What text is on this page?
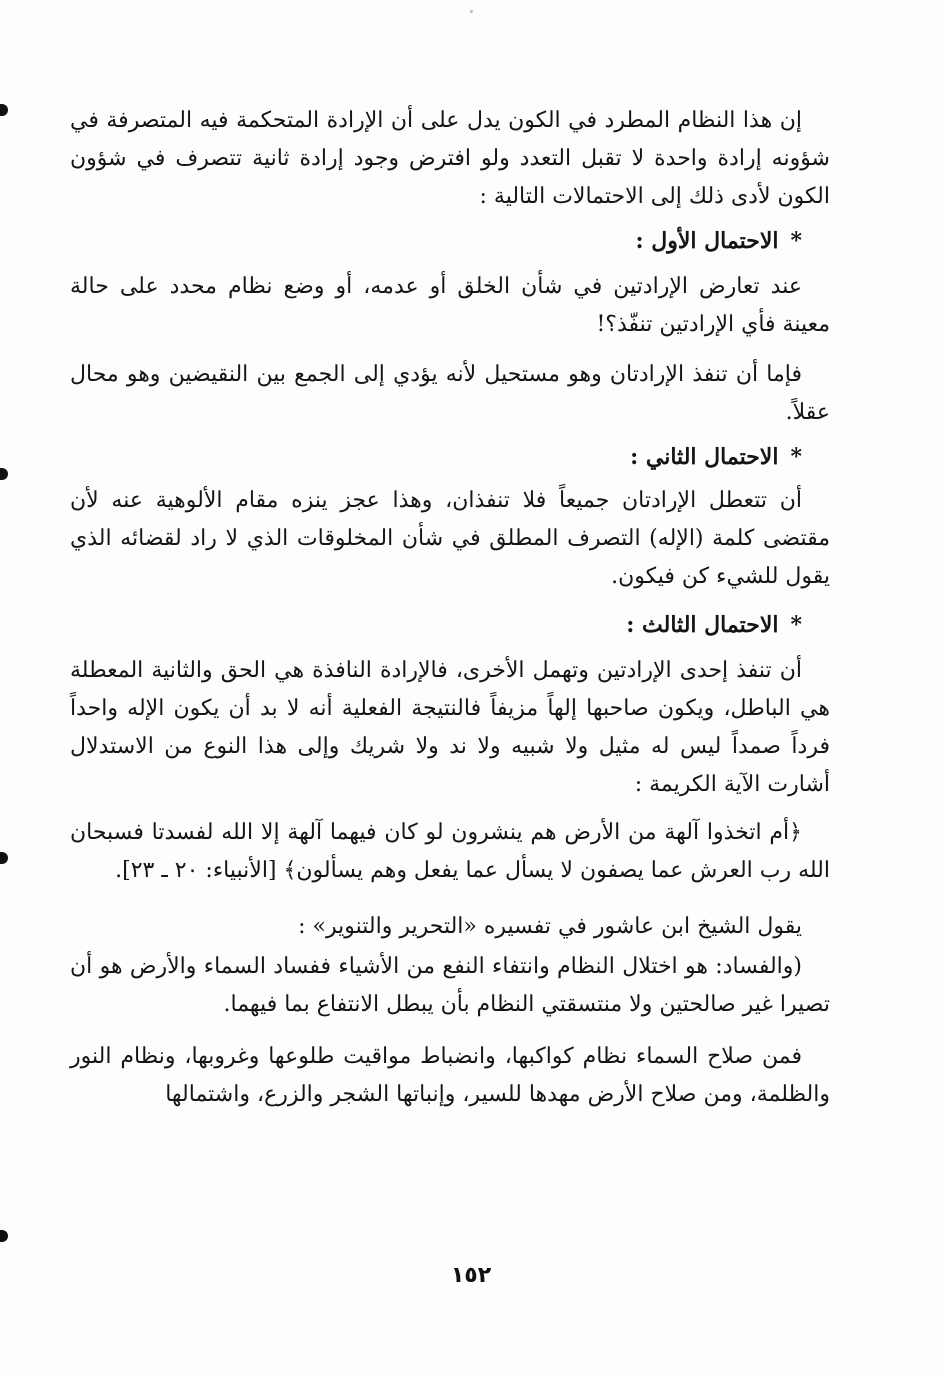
إن هذا النظام المطرد في الكون يدل على أن الإرادة المتحكمة فيه المتصرفة في شؤونه إرادة واحدة لا تقبل التعدد ولو افترض وجود إرادة ثانية تتصرف في شؤون الكون لأدى ذلك إلى الاحتمالات التالية :

*الاحتمال الأول :

عند تعارض الإرادتين في شأن الخلق أو عدمه، أو وضع نظام محدد على حالة معينة فأي الإرادتين تنفّذ؟!

فإما أن تنفذ الإرادتان وهو مستحيل لأنه يؤدي إلى الجمع بين النقيضين وهو محال عقلاً.

*الاحتمال الثاني :

أن تتعطل الإرادتان جميعاً فلا تنفذان، وهذا عجز ينزه مقام الألوهية عنه لأن مقتضى كلمة (الإله) التصرف المطلق في شأن المخلوقات الذي لا راد لقضائه الذي يقول للشيء كن فيكون.

*الاحتمال الثالث :

أن تنفذ إحدى الإرادتين وتهمل الأخرى، فالإرادة النافذة هي الحق والثانية المعطلة هي الباطل، ويكون صاحبها إلهاً مزيفاً فالنتيجة الفعلية أنه لا بد أن يكون الإله واحداً فرداً صمداً ليس له مثيل ولا شبيه ولا ند ولا شريك وإلى هذا النوع من الاستدلال أشارت الآية الكريمة :

﴿أم اتخذوا آلهة من الأرض هم ينشرون لو كان فيهما آلهة إلا الله لفسدتا فسبحان الله رب العرش عما يصفون لا يسأل عما يفعل وهم يسألون﴾ [الأنبياء: ٢٠ ـ ٢٣].

يقول الشيخ ابن عاشور في تفسيره «التحرير والتنوير» :

(والفساد: هو اختلال النظام وانتفاء النفع من الأشياء ففساد السماء والأرض هو أن تصيرا غير صالحتين ولا منتسقتي النظام بأن يبطل الانتفاع بما فيهما.

فمن صلاح السماء نظام كواكبها، وانضباط مواقيت طلوعها وغروبها، ونظام النور والظلمة، ومن صلاح الأرض مهدها للسير، وإنباتها الشجر والزرع، واشتمالها

١٥٢
